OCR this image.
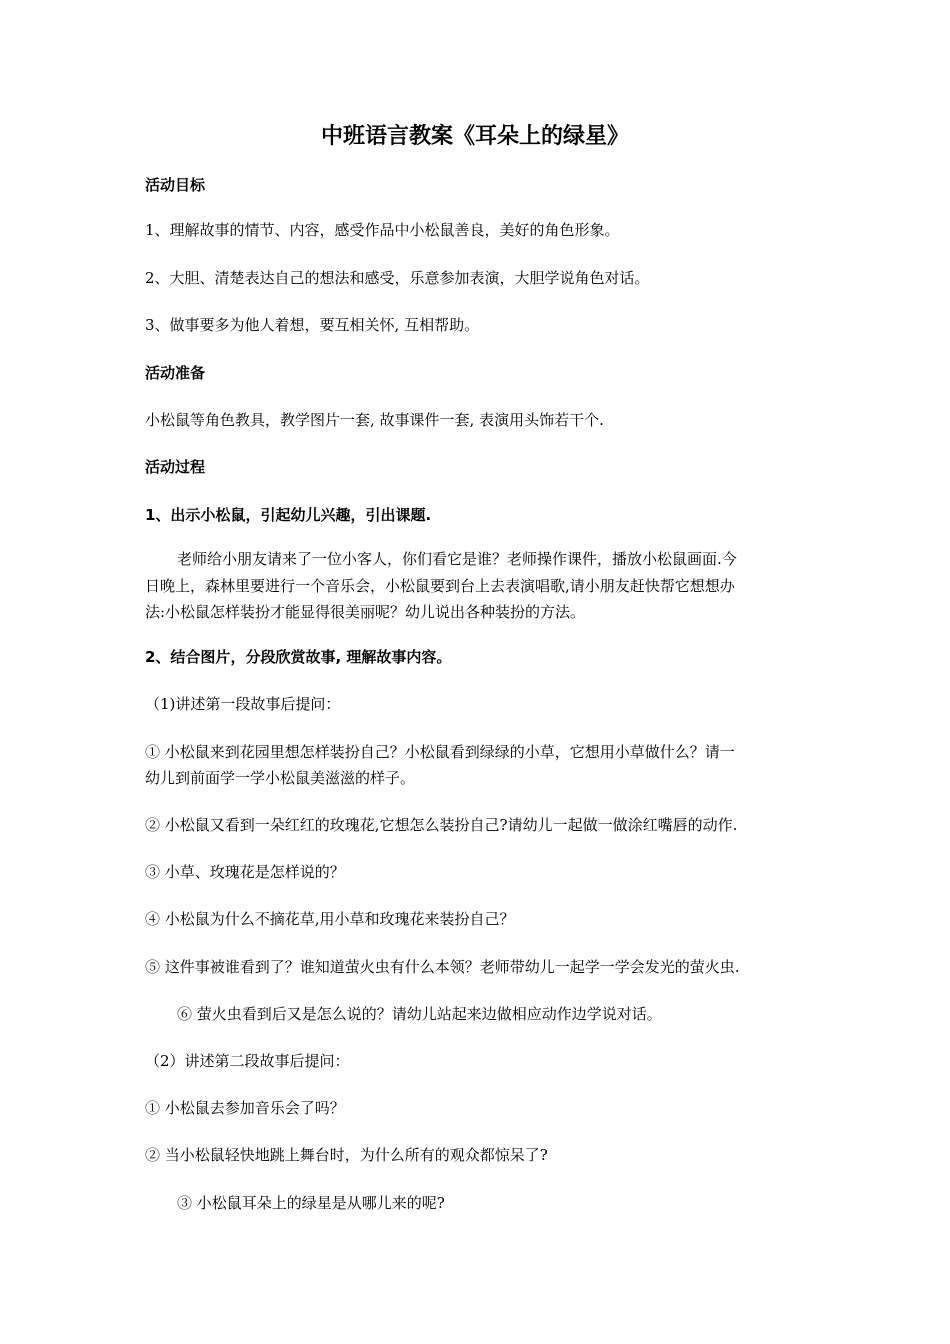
中班语言教案《耳朵上的绿星》
活动目标
1、理解故事的情节、内容，感受作品中小松鼠善良，美好的角色形象。
2、大胆、清楚表达自己的想法和感受，乐意参加表演，大胆学说角色对话。
3、做事要多为他人着想，要互相关怀, 互相帮助。
活动准备
小松鼠等角色教具，教学图片一套, 故事课件一套, 表演用头饰若干个.
活动过程
1、出示小松鼠，引起幼儿兴趣，引出课题.
老师给小朋友请来了一位小客人，你们看它是谁？老师操作课件，播放小松鼠画面.今
日晚上，森林里要进行一个音乐会，小松鼠要到台上去表演唱歌,请小朋友赶快帮它想想办
法:小松鼠怎样装扮才能显得很美丽呢？幼儿说出各种装扮的方法。
2、结合图片，分段欣赏故事, 理解故事内容。
（1)讲述第一段故事后提问：
① 小松鼠来到花园里想怎样装扮自己？小松鼠看到绿绿的小草，它想用小草做什么？请一
幼儿到前面学一学小松鼠美滋滋的样子。
② 小松鼠又看到一朵红红的玫瑰花,它想怎么装扮自己?请幼儿一起做一做涂红嘴唇的动作.
③ 小草、玫瑰花是怎样说的？
④ 小松鼠为什么不摘花草,用小草和玫瑰花来装扮自己？
⑤ 这件事被谁看到了？谁知道萤火虫有什么本领？老师带幼儿一起学一学会发光的萤火虫.
⑥ 萤火虫看到后又是怎么说的？请幼儿站起来边做相应动作边学说对话。
（2）讲述第二段故事后提问：
① 小松鼠去参加音乐会了吗？
② 当小松鼠轻快地跳上舞台时，为什么所有的观众都惊呆了?
③ 小松鼠耳朵上的绿星是从哪儿来的呢?
